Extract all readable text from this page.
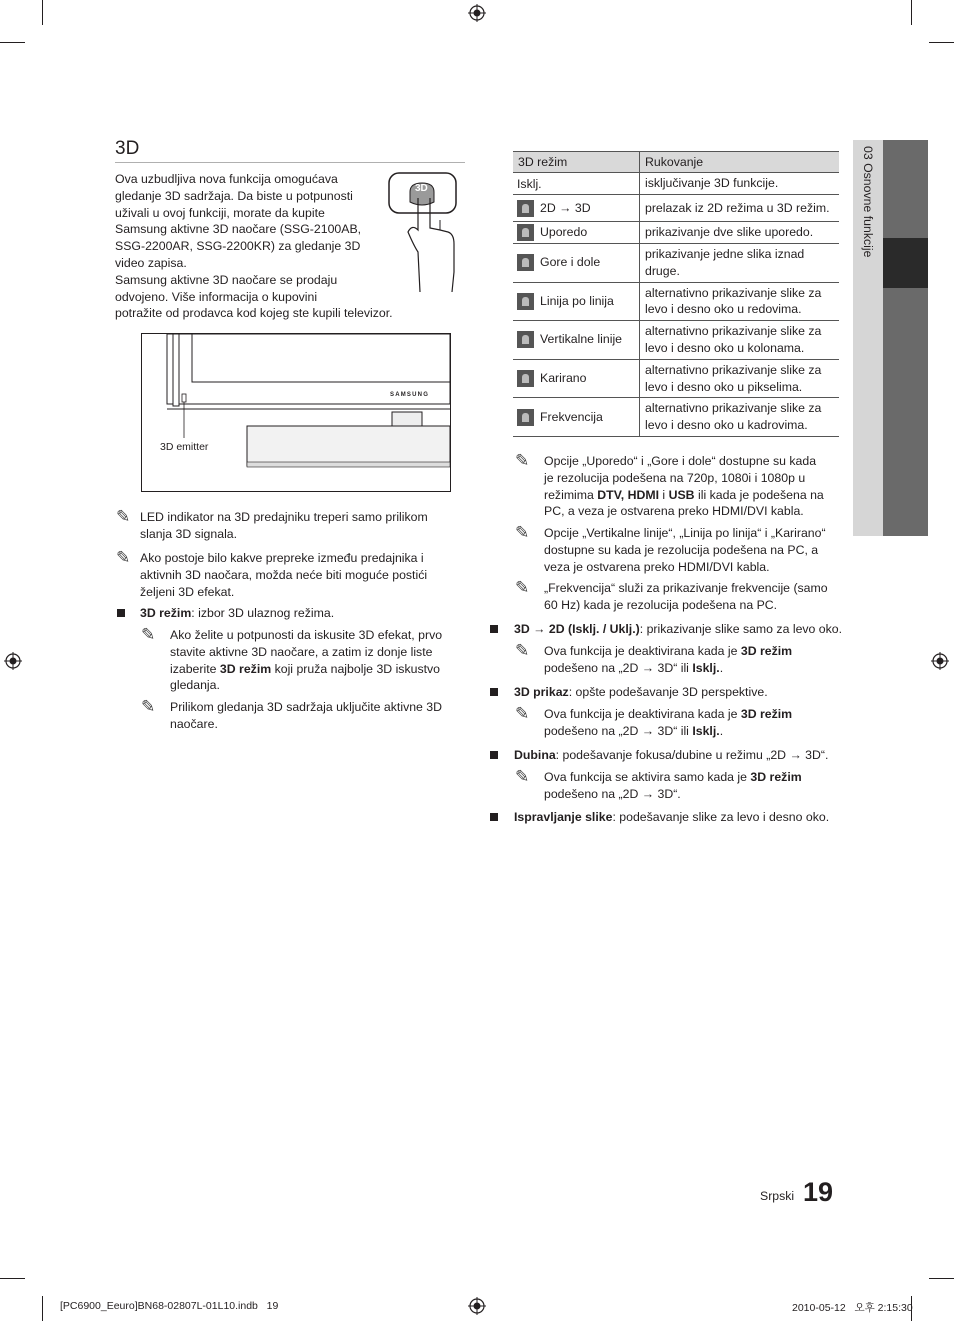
03 Osnovne funkcije
3D
Ova uzbudljiva nova funkcija omogućava
gledanje 3D sadržaja. Da biste u potpunosti
uživali u ovoj funkciji, morate da kupite
Samsung aktivne 3D naočare (SSG-2100AB,
SSG-2200AR, SSG-2200KR) za gledanje 3D
video zapisa.
Samsung aktivne 3D naočare se prodaju
odvojeno. Više informacija o kupovini
potražite od prodavca kod kojeg ste kupili televizor.
3D
SAMSUNG
3D emitter
✎ LED indikator na 3D predajniku treperi samo prilikom
slanja 3D signala.
✎ Ako postoje bilo kakve prepreke između predajnika i
aktivnih 3D naočara, možda neće biti moguće postići
željeni 3D efekat.
3D režim: izbor 3D ulaznog režima.
✎ Ako želite u potpunosti da iskusite 3D efekat, prvo
stavite aktivne 3D naočare, a zatim iz donje liste
izaberite 3D režim koji pruža najbolje 3D iskustvo
gledanja.
✎ Prilikom gledanja 3D sadržaja uključite aktivne 3D
naočare.
3D režim	Rukovanje
Isklj.	isključivanje 3D funkcije.

2D → 3D	prelazak iz 2D režima u 3D režim.

Uporedo	prikazivanje dve slike uporedo.

Gore i dole	prikazivanje jedne slika iznad
druge.

Linija po linija	alternativno prikazivanje slike za
levo i desno oko u redovima.

Vertikalne linije	alternativno prikazivanje slike za
levo i desno oko u kolonama.

Karirano	alternativno prikazivanje slike za
levo i desno oko u pikselima.

Frekvencija	alternativno prikazivanje slike za
levo i desno oko u kadrovima.
✎ Opcije „Uporedo“ i „Gore i dole“ dostupne su kada
je rezolucija podešena na 720p, 1080i i 1080p u
režimima DTV, HDMI i USB ili kada je podešena na
PC, a veza je ostvarena preko HDMI/DVI kabla.
✎ Opcije „Vertikalne linije“, „Linija po linija“ i „Karirano“
dostupne su kada je rezolucija podešena na PC, a
veza je ostvarena preko HDMI/DVI kabla.
✎ „Frekvencija“ služi za prikazivanje frekvencije (samo
60 Hz) kada je rezolucija podešena na PC.
3D → 2D (Isklj. / Uklj.): prikazivanje slike samo za levo oko.
✎ Ova funkcija je deaktivirana kada je 3D režim
podešeno na „2D → 3D“ ili Isklj..
3D prikaz: opšte podešavanje 3D perspektive.
✎ Ova funkcija je deaktivirana kada je 3D režim
podešeno na „2D → 3D“ ili Isklj..
Dubina: podešavanje fokusa/dubine u režimu „2D → 3D“.
✎ Ova funkcija se aktivira samo kada je 3D režim
podešeno na „2D → 3D“.
Ispravljanje slike: podešavanje slike za levo i desno oko.
Srpski 19
[PC6900_Eeuro]BN68-02807L-01L10.indb   19	2010-05-12   오후 2:15:30
